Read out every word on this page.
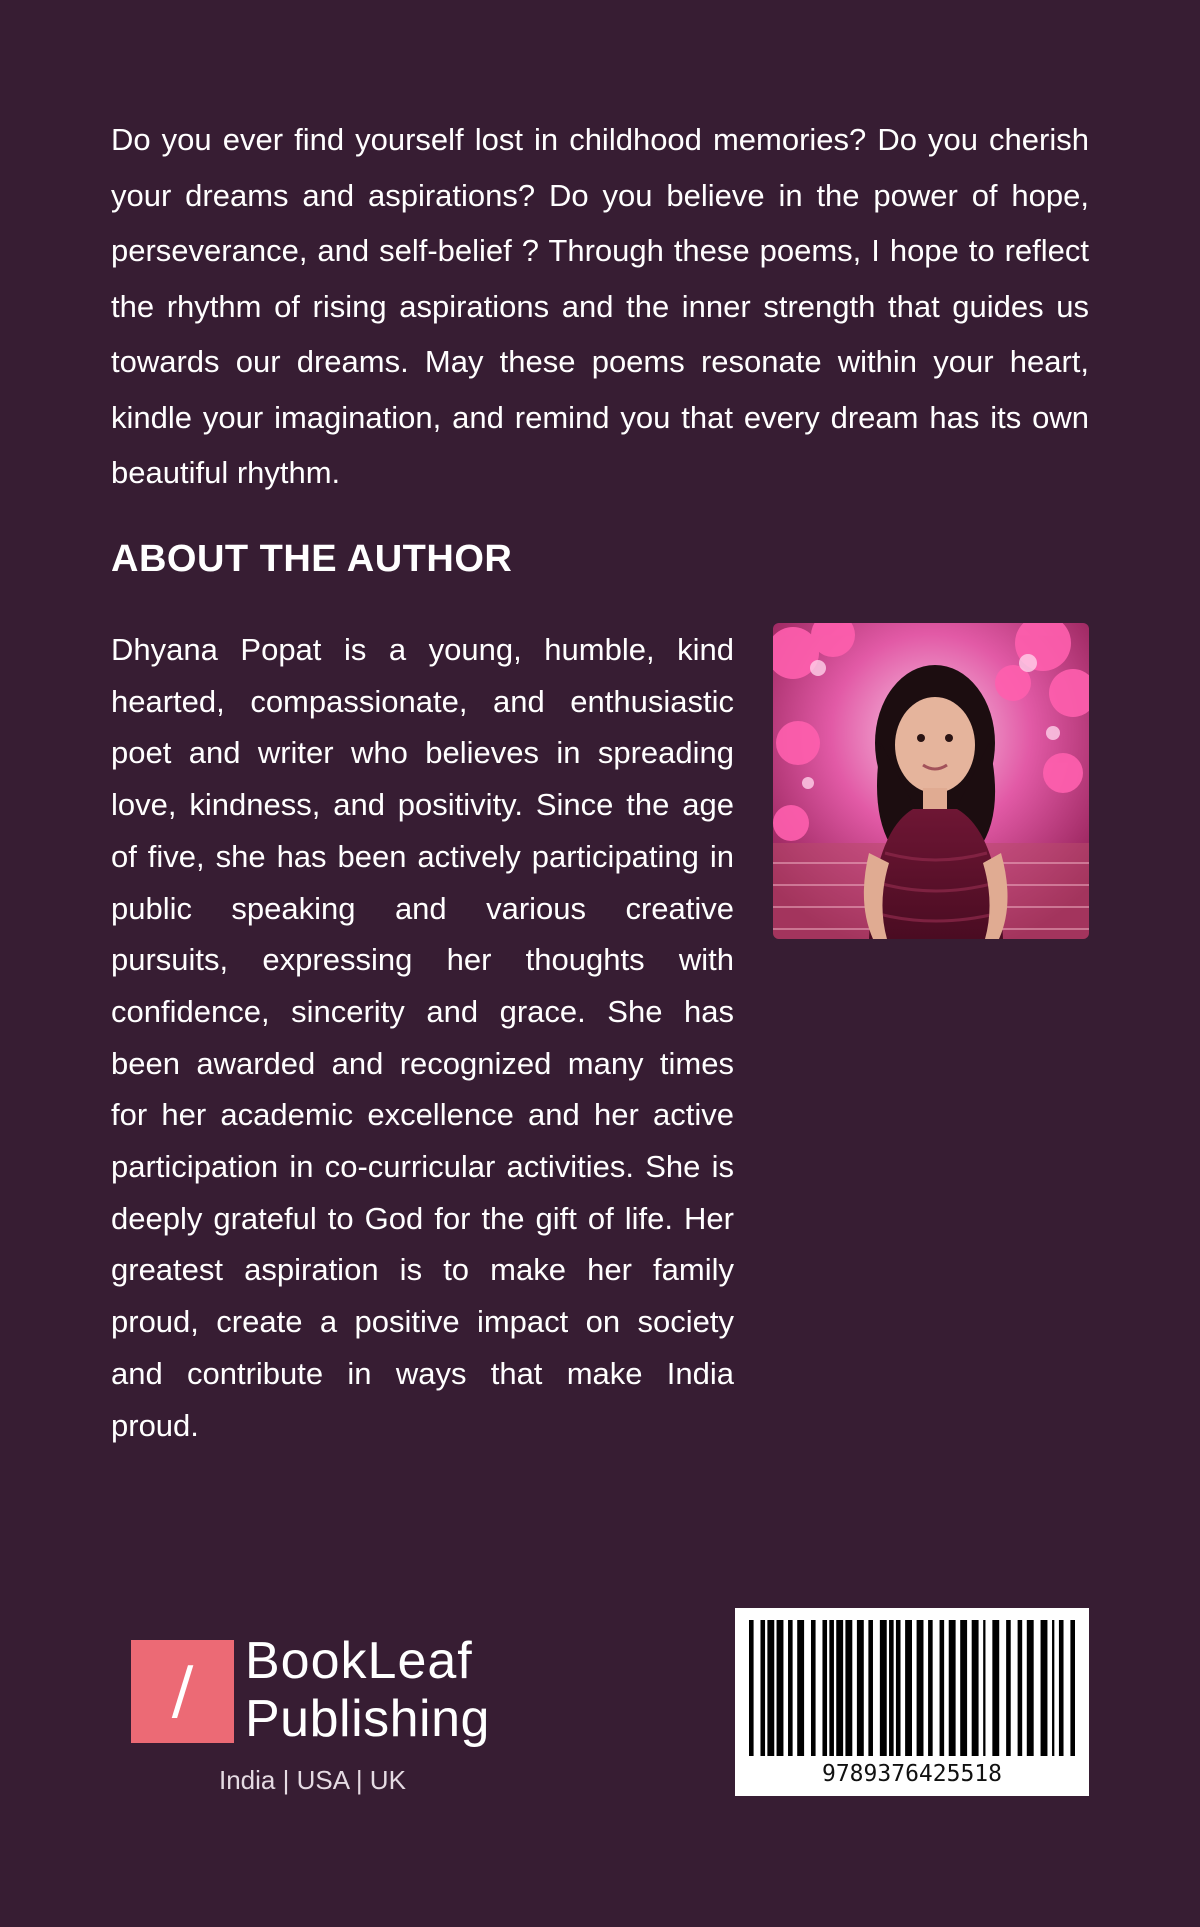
Do you ever find yourself lost in childhood memories? Do you cherish your dreams and aspirations? Do you believe in the power of hope, perseverance, and self-belief ? Through these poems, I hope to reflect the rhythm of rising aspirations and the inner strength that guides us towards our dreams. May these poems resonate within your heart, kindle your imagination, and remind you that every dream has its own beautiful rhythm.

ABOUT THE AUTHOR

Dhyana Popat is a young, humble, kind hearted, compassionate, and enthusiastic poet and writer who believes in spreading love, kindness, and positivity. Since the age of five, she has been actively participating in public speaking and various creative pursuits, expressing her thoughts with confidence, sincerity and grace. She has been awarded and recognized many times for her academic excellence and her active participation in co-curricular activities. She is deeply grateful to God for the gift of life. Her greatest aspiration is to make her family proud, create a positive impact on society and contribute in ways that make India proud.

/ BookLeaf
Publishing
India | USA | UK	9789376425518
